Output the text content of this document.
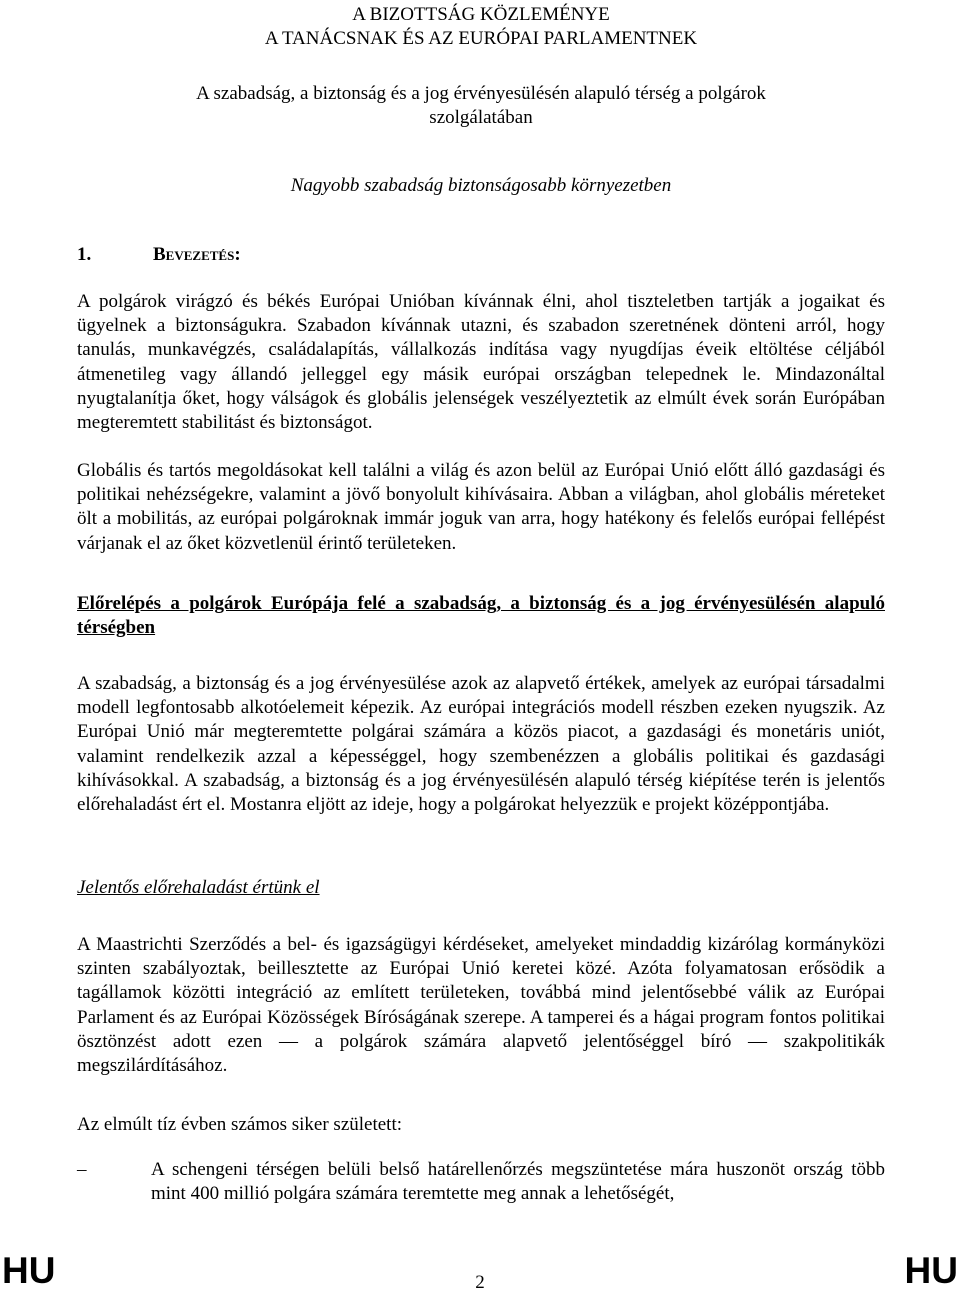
A BIZOTTSÁG KÖZLEMÉNYE
A TANÁCSNAK ÉS AZ EURÓPAI PARLAMENTNEK
A szabadság, a biztonság és a jog érvényesülésén alapuló térség a polgárok
szolgálatában
Nagyobb szabadság biztonságosabb környezetben
1.	Bevezetés:

A polgárok virágzó és békés Európai Unióban kívánnak élni, ahol tiszteletben tartják a jogaikat és ügyelnek a biztonságukra. Szabadon kívánnak utazni, és szabadon szeretnének dönteni arról, hogy tanulás, munkavégzés, családalapítás, vállalkozás indítása vagy nyugdíjas éveik eltöltése céljából átmenetileg vagy állandó jelleggel egy másik európai országban telepednek le. Mindazonáltal nyugtalanítja őket, hogy válságok és globális jelenségek veszélyeztetik az elmúlt évek során Európában megteremtett stabilitást és biztonságot.

Globális és tartós megoldásokat kell találni a világ és azon belül az Európai Unió előtt álló gazdasági és politikai nehézségekre, valamint a jövő bonyolult kihívásaira. Abban a világban, ahol globális méreteket ölt a mobilitás, az európai polgároknak immár joguk van arra, hogy hatékony és felelős európai fellépést várjanak el az őket közvetlenül érintő területeken.

Előrelépés a polgárok Európája felé a szabadság, a biztonság és a jog érvényesülésén alapuló térségben

A szabadság, a biztonság és a jog érvényesülése azok az alapvető értékek, amelyek az európai társadalmi modell legfontosabb alkotóelemeit képezik. Az európai integrációs modell részben ezeken nyugszik. Az Európai Unió már megteremtette polgárai számára a közös piacot, a gazdasági és monetáris uniót, valamint rendelkezik azzal a képességgel, hogy szembenézzen a globális politikai és gazdasági kihívásokkal. A szabadság, a biztonság és a jog érvényesülésén alapuló térség kiépítése terén is jelentős előrehaladást ért el. Mostanra eljött az ideje, hogy a polgárokat helyezzük e projekt középpontjába.

Jelentős előrehaladást értünk el

A Maastrichti Szerződés a bel- és igazságügyi kérdéseket, amelyeket mindaddig kizárólag kormányközi szinten szabályoztak, beillesztette az Európai Unió keretei közé. Azóta folyamatosan erősödik a tagállamok közötti integráció az említett területeken, továbbá mind jelentősebbé válik az Európai Parlament és az Európai Közösségek Bíróságának szerepe. A tamperei és a hágai program fontos politikai ösztönzést adott ezen — a polgárok számára alapvető jelentőséggel bíró — szakpolitikák megszilárdításához.

Az elmúlt tíz évben számos siker született:

–	A schengeni térségen belüli belső határellenőrzés megszüntetése mára huszonöt ország több mint 400 millió polgára számára teremtette meg annak a lehetőségét,
HU	2	HU
